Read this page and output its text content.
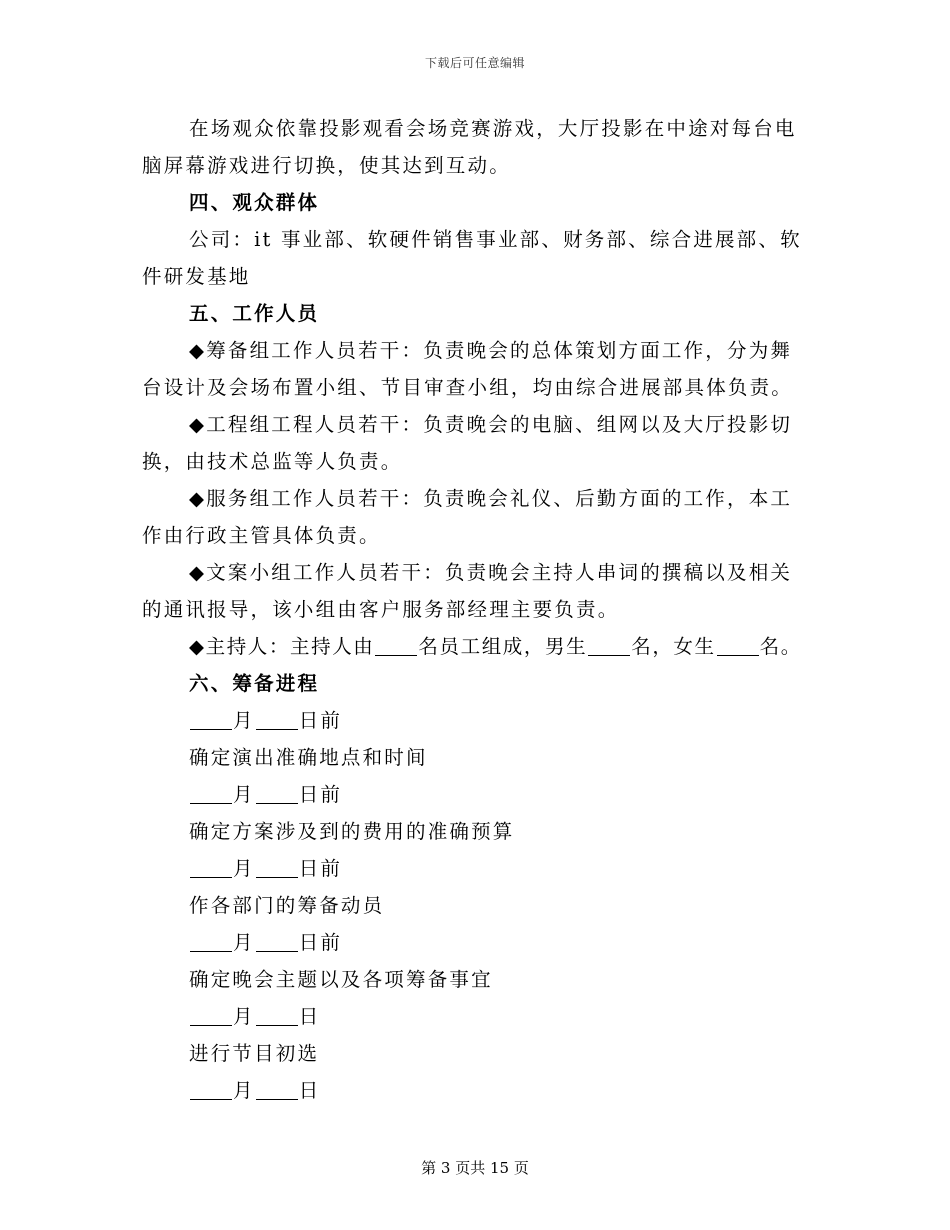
下载后可任意编辑

在场观众依靠投影观看会场竞赛游戏，大厅投影在中途对每台电
脑屏幕游戏进行切换，使其达到互动。

四、观众群体

公司：it 事业部、软硬件销售事业部、财务部、综合进展部、软
件研发基地

五、工作人员

◆筹备组工作人员若干：负责晚会的总体策划方面工作，分为舞
台设计及会场布置小组、节目审查小组，均由综合进展部具体负责。

◆工程组工程人员若干：负责晚会的电脑、组网以及大厅投影切
换，由技术总监等人负责。

◆服务组工作人员若干：负责晚会礼仪、后勤方面的工作，本工
作由行政主管具体负责。

◆文案小组工作人员若干：负责晚会主持人串词的撰稿以及相关
的通讯报导，该小组由客户服务部经理主要负责。

◆主持人：主持人由 名员工组成，男生 名，女生 名。

六、筹备进程

月 日前

确定演出准确地点和时间

月 日前

确定方案涉及到的费用的准确预算

月 日前

作各部门的筹备动员

月 日前

确定晚会主题以及各项筹备事宜

月 日

进行节目初选

月 日

第 3 页共 15 页
